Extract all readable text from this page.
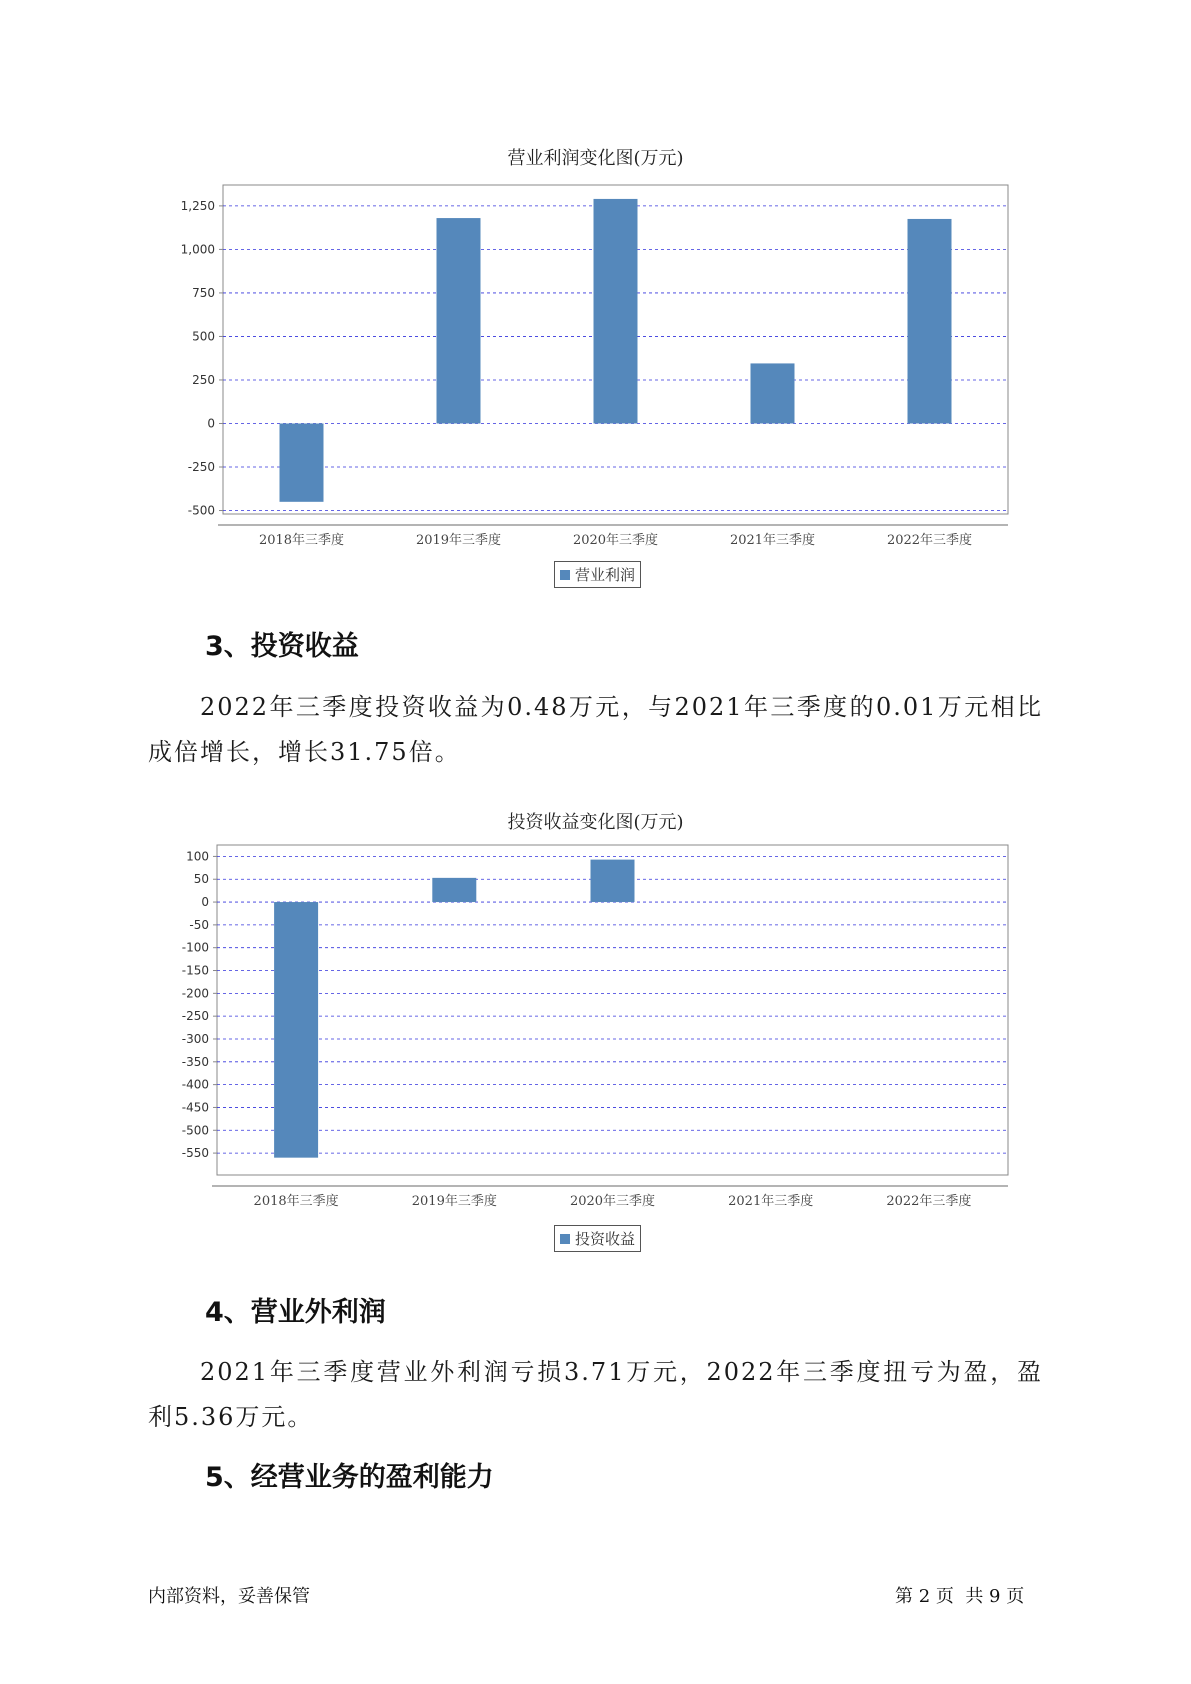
营业利润变化图(万元)
-500
-250
0
250
500
750
1,000
1,250
2018年三季度	2019年三季度	2020年三季度	2021年三季度	2022年三季度
营业利润
3、投资收益
2022年三季度投资收益为0.48万元，与2021年三季度的0.01万元相比成倍增长，增长31.75倍。
投资收益变化图(万元)
100
50
0
-50
-100
-150
-200
-250
-300
-350
-400
-450
-500
-550
2018年三季度	2019年三季度	2020年三季度	2021年三季度	2022年三季度
投资收益
4、营业外利润
2021年三季度营业外利润亏损3.71万元，2022年三季度扭亏为盈，盈利5.36万元。
5、经营业务的盈利能力
内部资料，妥善保管	第 2 页  共 9 页
